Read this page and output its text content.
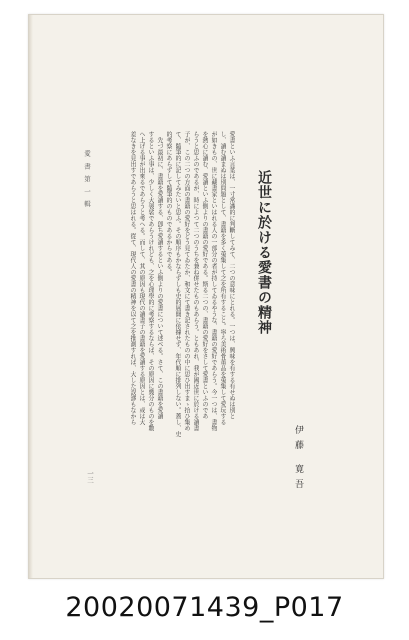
近世に於ける愛書の精神
伊藤 寛吾
愛書といふ言葉は、一寸常識的に判斷してみて、二つの意味にとれる。一つは、興味を有する有せぬは別と
し、讀む讀まぬは別問題として、書籍を多く蒐集して之を所有すること。寧ろ美術骨董品を蒐集して愛玩する
が如きもの、世に藏書家といはれる人の一部分の者が持してゐるやうな、書籍の愛好であらう。今一つは、書物
を熱心に讀む、愛讀といふ側よりの書籍の愛好である。斯る二つの、書籍の愛好をさして愛書といふのであ
らうと思ふのであるが、時によつて二つのうちを兼ね併せたものもあらう。ともあれ、我が國近世に於ける讀書
子が、この二つの方面の書籍の愛好をどう見てゐたか、和文にて書き記されたものの中に思ひ出すまゝ拾ひ集め
て、隨筆的に記してみたいと思ふ。その順序もかならずしも史的展開に依據せず、年代順に排列しない。蓋し、史
的考察にあらずして隨筆的のものであるからである。
　先づ最初に、書籍を愛讀する、卽ち愛讀するといふ側よりの愛書について述べる。さて、この書籍を愛讀
するといふ事は、少しく大袈裟であらうけれども、之を心理學的に考察するならば、その原因に幾分のものを數
へ上げる事が出來るであらうと考へる。而して、其の原因も現代の讀書子の書籍を愛讀する原因とは、或は大
差なきを見出すであらうと思はれる。從て、現代人の愛書の精神を以て之を推測すれば、大した誤謬もなから
愛 書 第 一 輯
一三
20020071439_P017
